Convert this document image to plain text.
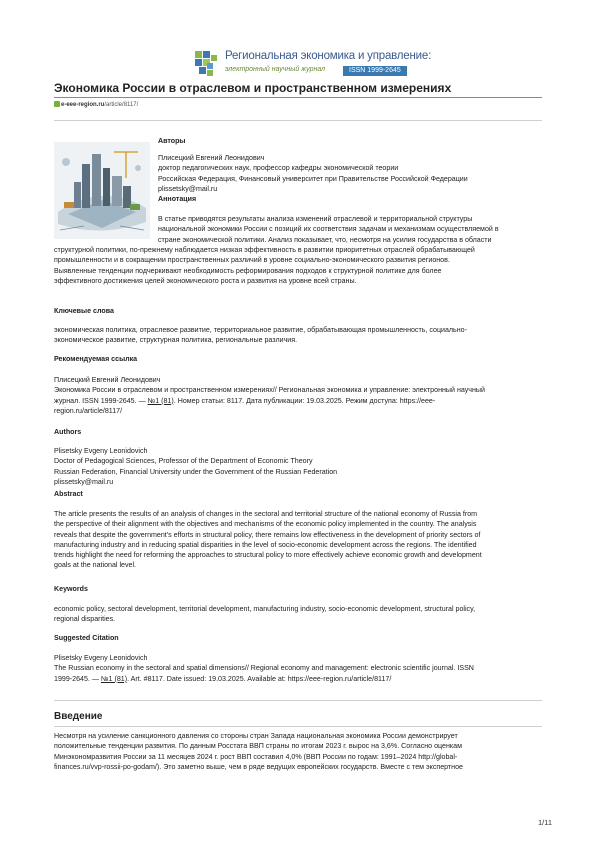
Региональная экономика и управление:
электронный научный журнал	ISSN 1999-2645
Экономика России в отраслевом и пространственном измерениях
e-eee-region.ru/article/8117/
Авторы
Плисецкий Евгений Леонидович
доктор педагогических наук, профессор кафедры экономической теории
Российская Федерация, Финансовый университет при Правительстве Российской Федерации
plissetsky@mail.ru
Аннотация
В статье приводятся результаты анализа изменений отраслевой и территориальной структуры
национальной экономики России с позиций их соответствия задачам и механизмам осуществляемой в
стране экономической политики. Анализ показывает, что, несмотря на усилия государства в области
структурной политики, по-прежнему наблюдается низкая эффективность в развитии приоритетных отраслей обрабатывающей
промышленности и в сокращении пространственных различий в уровне социально-экономического развития регионов.
Выявленные тенденции подчеркивают необходимость реформирования подходов к структурной политике для более
эффективного достижения целей экономического роста и развития на уровне всей страны.
Ключевые слова
экономическая политика, отраслевое развитие, территориальное развитие, обрабатывающая промышленность, социально-
экономическое развитие, структурная политика, региональные различия.
Рекомендуемая ссылка
Плисецкий Евгений Леонидович
Экономика России в отраслевом и пространственном измерениях// Региональная экономика и управление: электронный научный
журнал. ISSN 1999-2645. — №1 (81). Номер статьи: 8117. Дата публикации: 19.03.2025. Режим доступа: https://eee-
region.ru/article/8117/
Authors
Plisetsky Evgeny Leonidovich
Doctor of Pedagogical Sciences, Professor of the Department of Economic Theory
Russian Federation, Financial University under the Government of the Russian Federation
plissetsky@mail.ru
Abstract
The article presents the results of an analysis of changes in the sectoral and territorial structure of the national economy of Russia from
the perspective of their alignment with the objectives and mechanisms of the economic policy implemented in the country. The analysis
reveals that despite the government's efforts in structural policy, there remains low effectiveness in the development of priority sectors of
manufacturing industry and in reducing spatial disparities in the level of socio-economic development across the regions. The identified
trends highlight the need for reforming the approaches to structural policy to more effectively achieve economic growth and development
goals at the national level.
Keywords
economic policy, sectoral development, territorial development, manufacturing industry, socio-economic development, structural policy,
regional disparities.
Suggested Citation
Plisetsky Evgeny Leonidovich
The Russian economy in the sectoral and spatial dimensions// Regional economy and management: electronic scientific journal. ISSN
1999-2645. — №1 (81). Art. #8117. Date issued: 19.03.2025. Available at: https://eee-region.ru/article/8117/
Введение
Несмотря на усиление санкционного давления со стороны стран Запада национальная экономика России демонстрирует
положительные тенденции развития. По данным Росстата ВВП страны по итогам 2023 г. вырос на 3,6%. Согласно оценкам
Минэкономразвития России за 11 месяцев 2024 г. рост ВВП составил 4,0% (ВВП России по годам: 1991–2024 http://global-
finances.ru/vvp-rossii-po-godam/). Это заметно выше, чем в ряде ведущих европейских государств. Вместе с тем экспертное
1/11
